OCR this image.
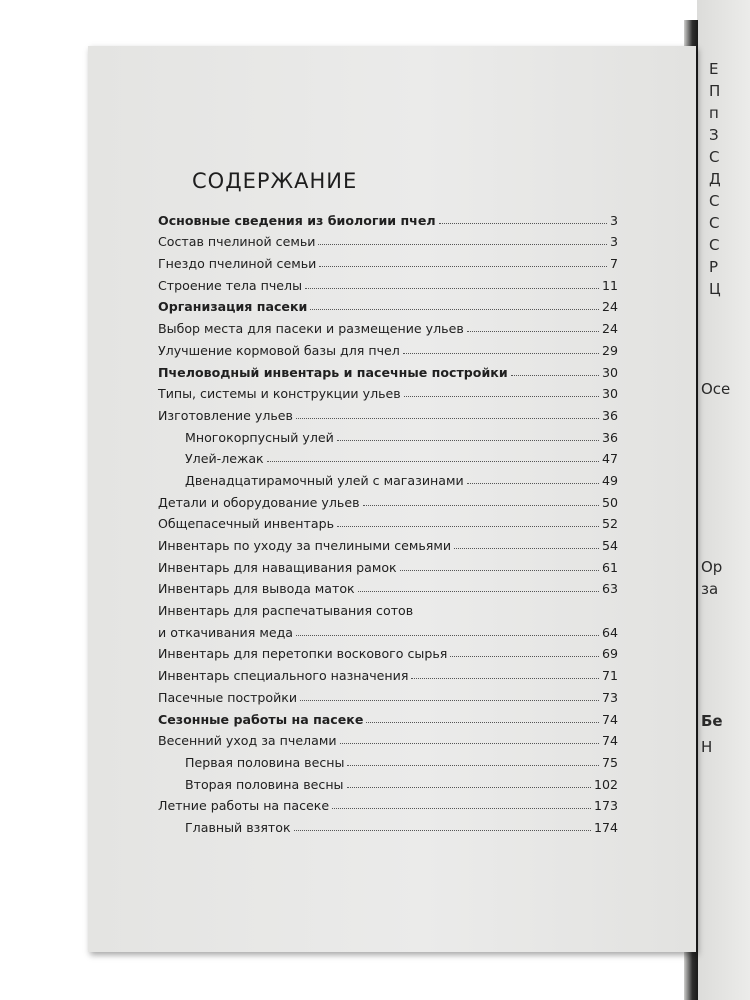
E
П
п
З
С
Д
С
С
С
Р
Ц
Осе
Ор
за
Бе
Н
СОДЕРЖАНИЕ
Основные сведения из биологии пчел	3
Состав пчелиной семьи	3
Гнездо пчелиной семьи	7
Строение тела пчелы	11
Организация пасеки	24
Выбор места для пасеки и размещение ульев	24
Улучшение кормовой базы для пчел	29
Пчеловодный инвентарь и пасечные постройки	30
Типы, системы и конструкции ульев	30
Изготовление ульев	36
Многокорпусный улей	36
Улей-лежак	47
Двенадцатирамочный улей с магазинами	49
Детали и оборудование ульев	50
Общепасечный инвентарь	52
Инвентарь по уходу за пчелиными семьями	54
Инвентарь для наващивания рамок	61
Инвентарь для вывода маток	63
Инвентарь для распечатывания сотов
и откачивания меда	64
Инвентарь для перетопки воскового сырья	69
Инвентарь специального назначения	71
Пасечные постройки	73
Сезонные работы на пасеке	74
Весенний уход за пчелами	74
Первая половина весны	75
Вторая половина весны	102
Летние работы на пасеке	173
Главный взяток	174
